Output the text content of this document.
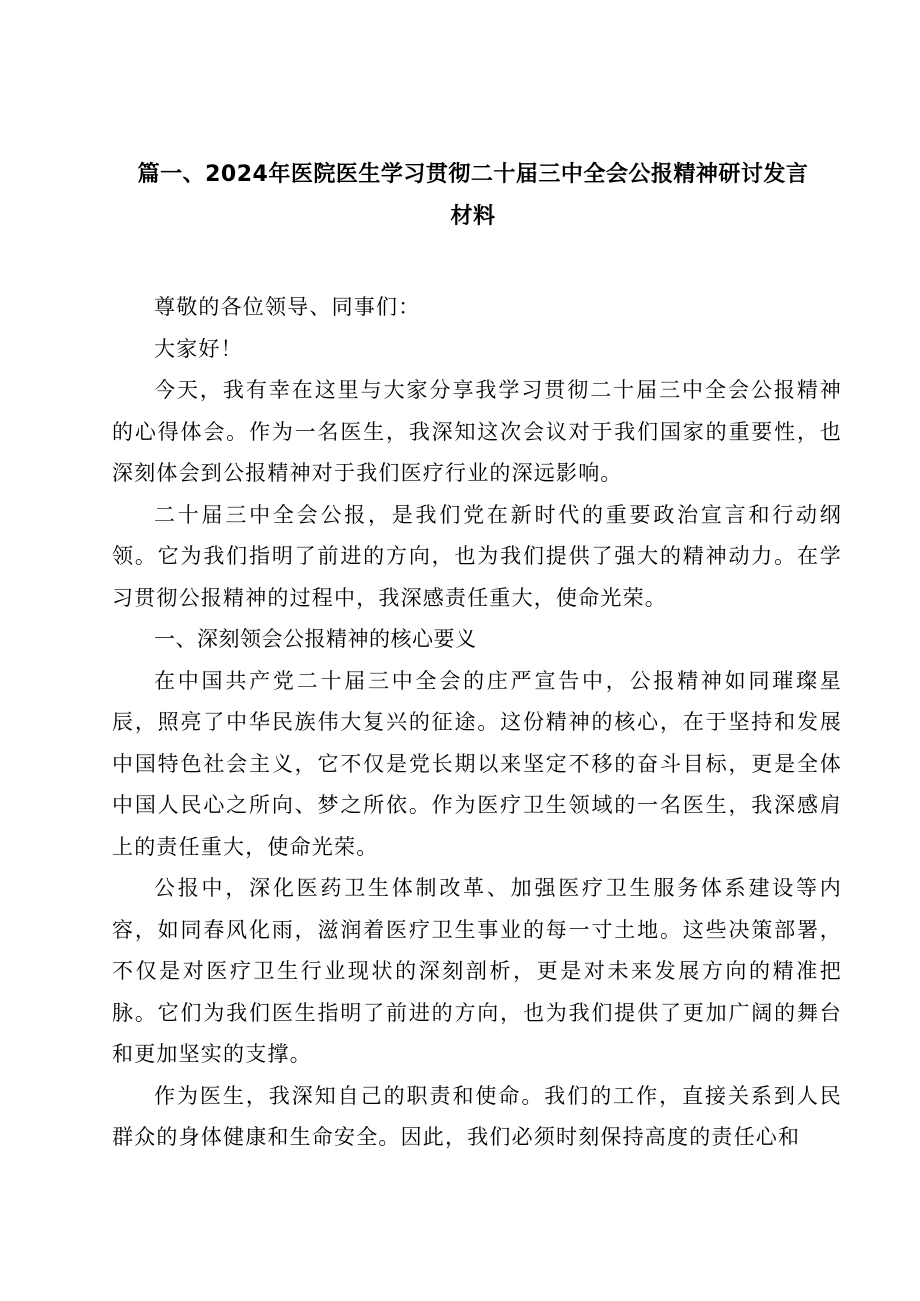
篇一、2024年医院医生学习贯彻二十届三中全会公报精神研讨发言
材料

尊敬的各位领导、同事们：

大家好！

今天，我有幸在这里与大家分享我学习贯彻二十届三中全会公报精神的心得体会。作为一名医生，我深知这次会议对于我们国家的重要性，也深刻体会到公报精神对于我们医疗行业的深远影响。

二十届三中全会公报，是我们党在新时代的重要政治宣言和行动纲领。它为我们指明了前进的方向，也为我们提供了强大的精神动力。在学习贯彻公报精神的过程中，我深感责任重大，使命光荣。

一、深刻领会公报精神的核心要义

在中国共产党二十届三中全会的庄严宣告中，公报精神如同璀璨星辰，照亮了中华民族伟大复兴的征途。这份精神的核心，在于坚持和发展中国特色社会主义，它不仅是党长期以来坚定不移的奋斗目标，更是全体中国人民心之所向、梦之所依。作为医疗卫生领域的一名医生，我深感肩上的责任重大，使命光荣。

公报中，深化医药卫生体制改革、加强医疗卫生服务体系建设等内容，如同春风化雨，滋润着医疗卫生事业的每一寸土地。这些决策部署，不仅是对医疗卫生行业现状的深刻剖析，更是对未来发展方向的精准把脉。它们为我们医生指明了前进的方向，也为我们提供了更加广阔的舞台和更加坚实的支撑。

作为医生，我深知自己的职责和使命。我们的工作，直接关系到人民群众的身体健康和生命安全。因此，我们必须时刻保持高度的责任心和
